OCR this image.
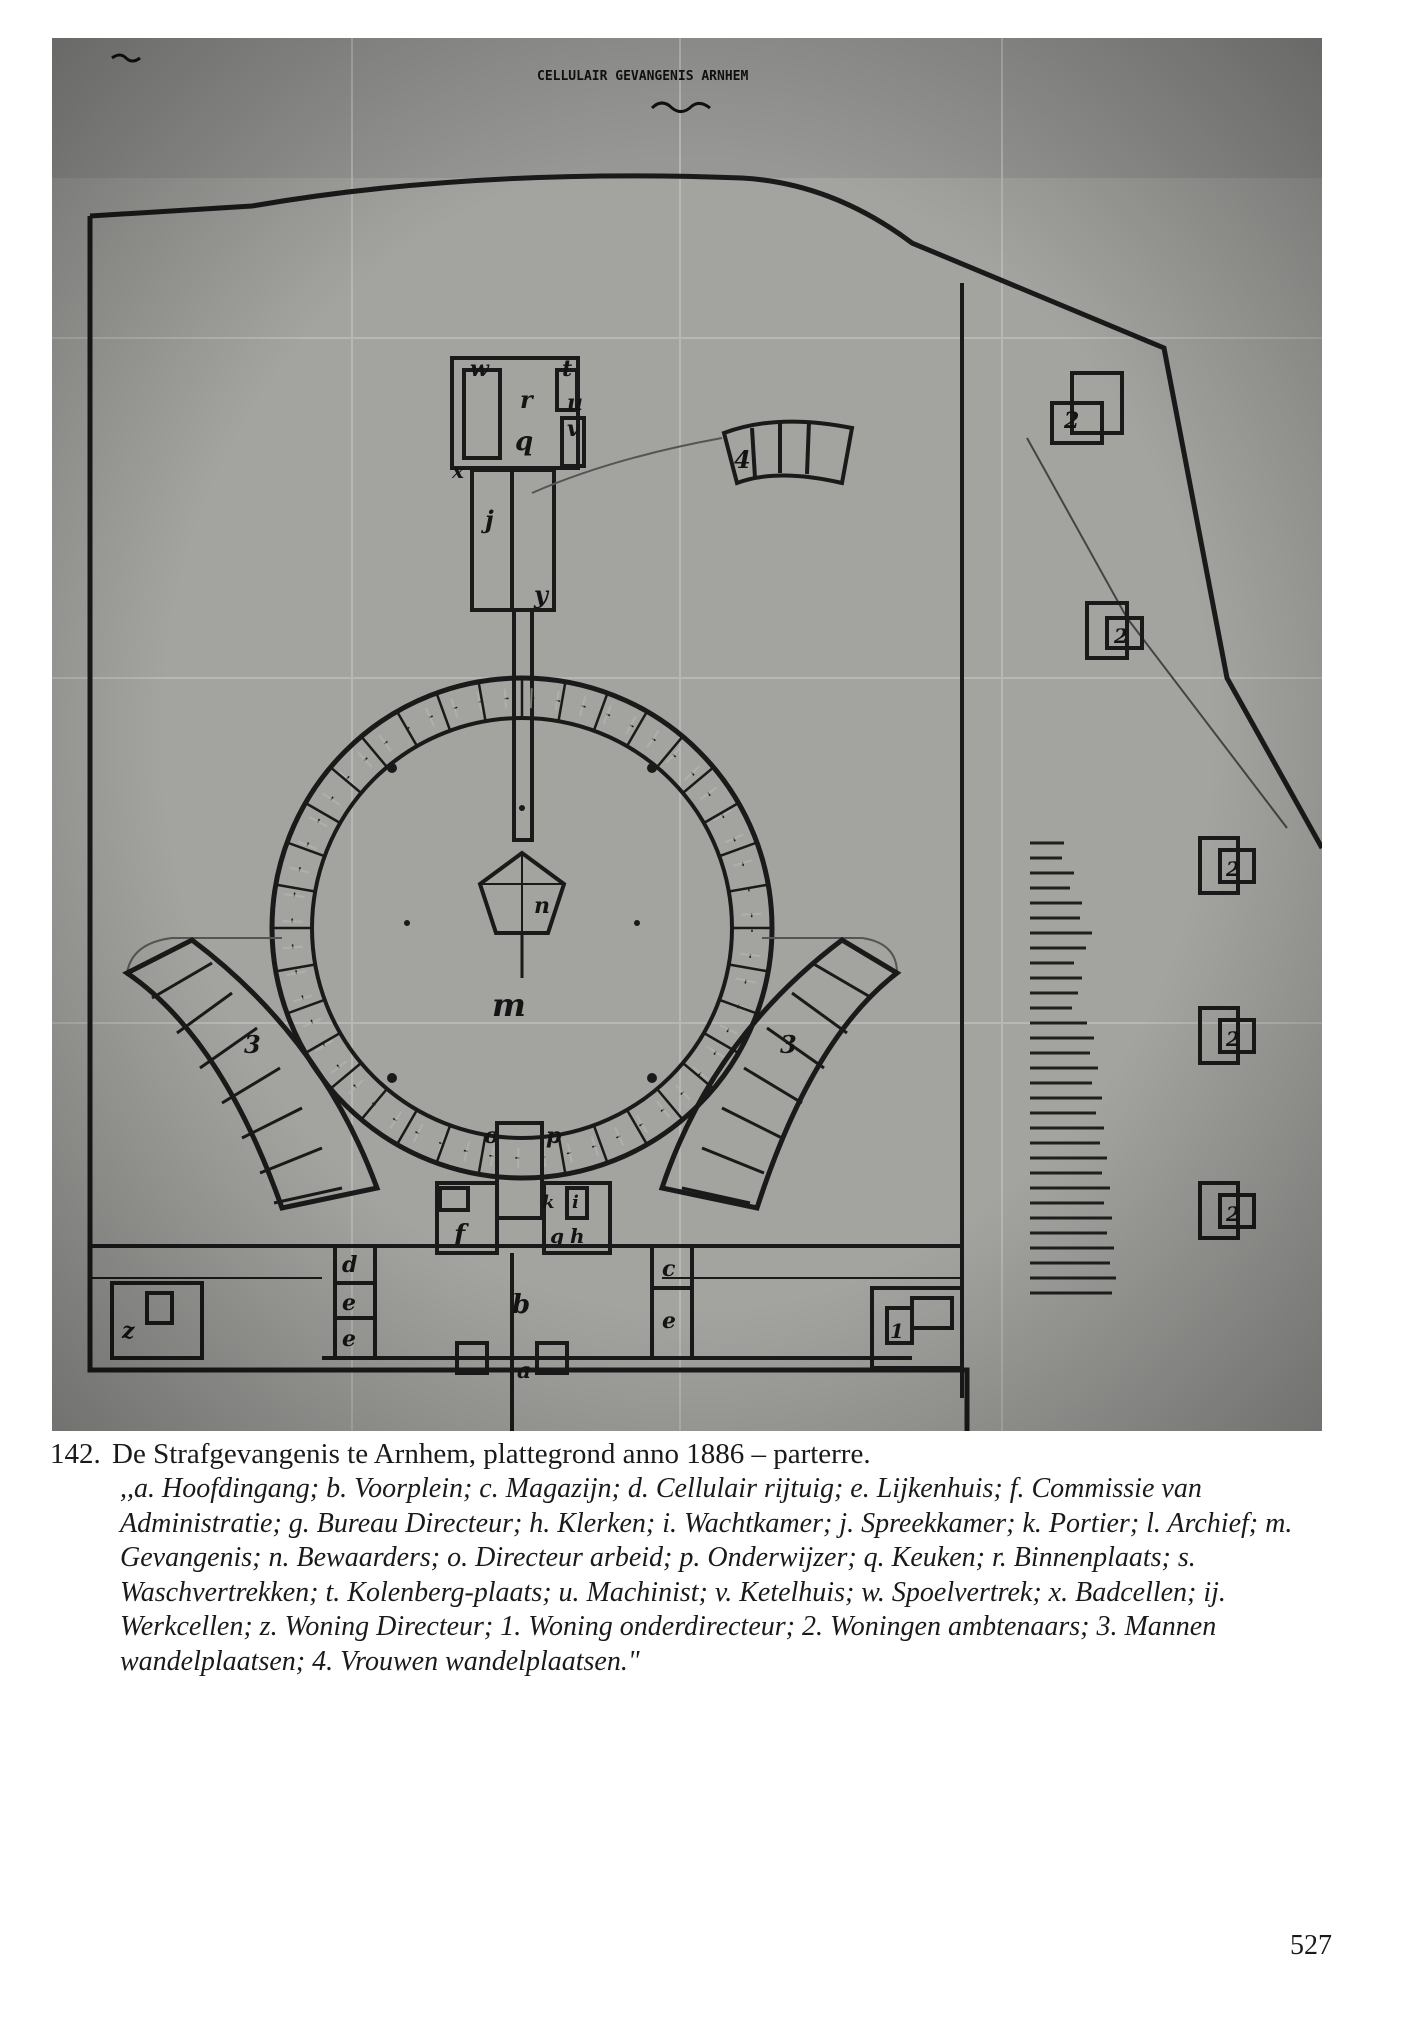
142. De Strafgevangenis te Arnhem, plattegrond anno 1886 – parterre.

,,a. Hoofdingang; b. Voorplein; c. Magazijn; d. Cellulair rijtuig; e. Lijkenhuis; f. Commissie van Administratie; g. Bureau Directeur; h. Klerken; i. Wachtkamer; j. Spreekkamer; k. Portier; l. Archief; m. Gevangenis; n. Bewaarders; o. Directeur arbeid; p. Onderwijzer; q. Keuken; r. Binnenplaats; s. Waschvertrekken; t. Kolenberg-plaats; u. Machinist; v. Ketelhuis; w. Spoelvertrek; x. Badcellen; ij. Werkcellen; z. Woning Directeur; 1. Woning onderdirecteur; 2. Woningen ambtenaars; 3. Mannen wandelplaatsen; 4. Vrouwen wandelplaatsen."

527
